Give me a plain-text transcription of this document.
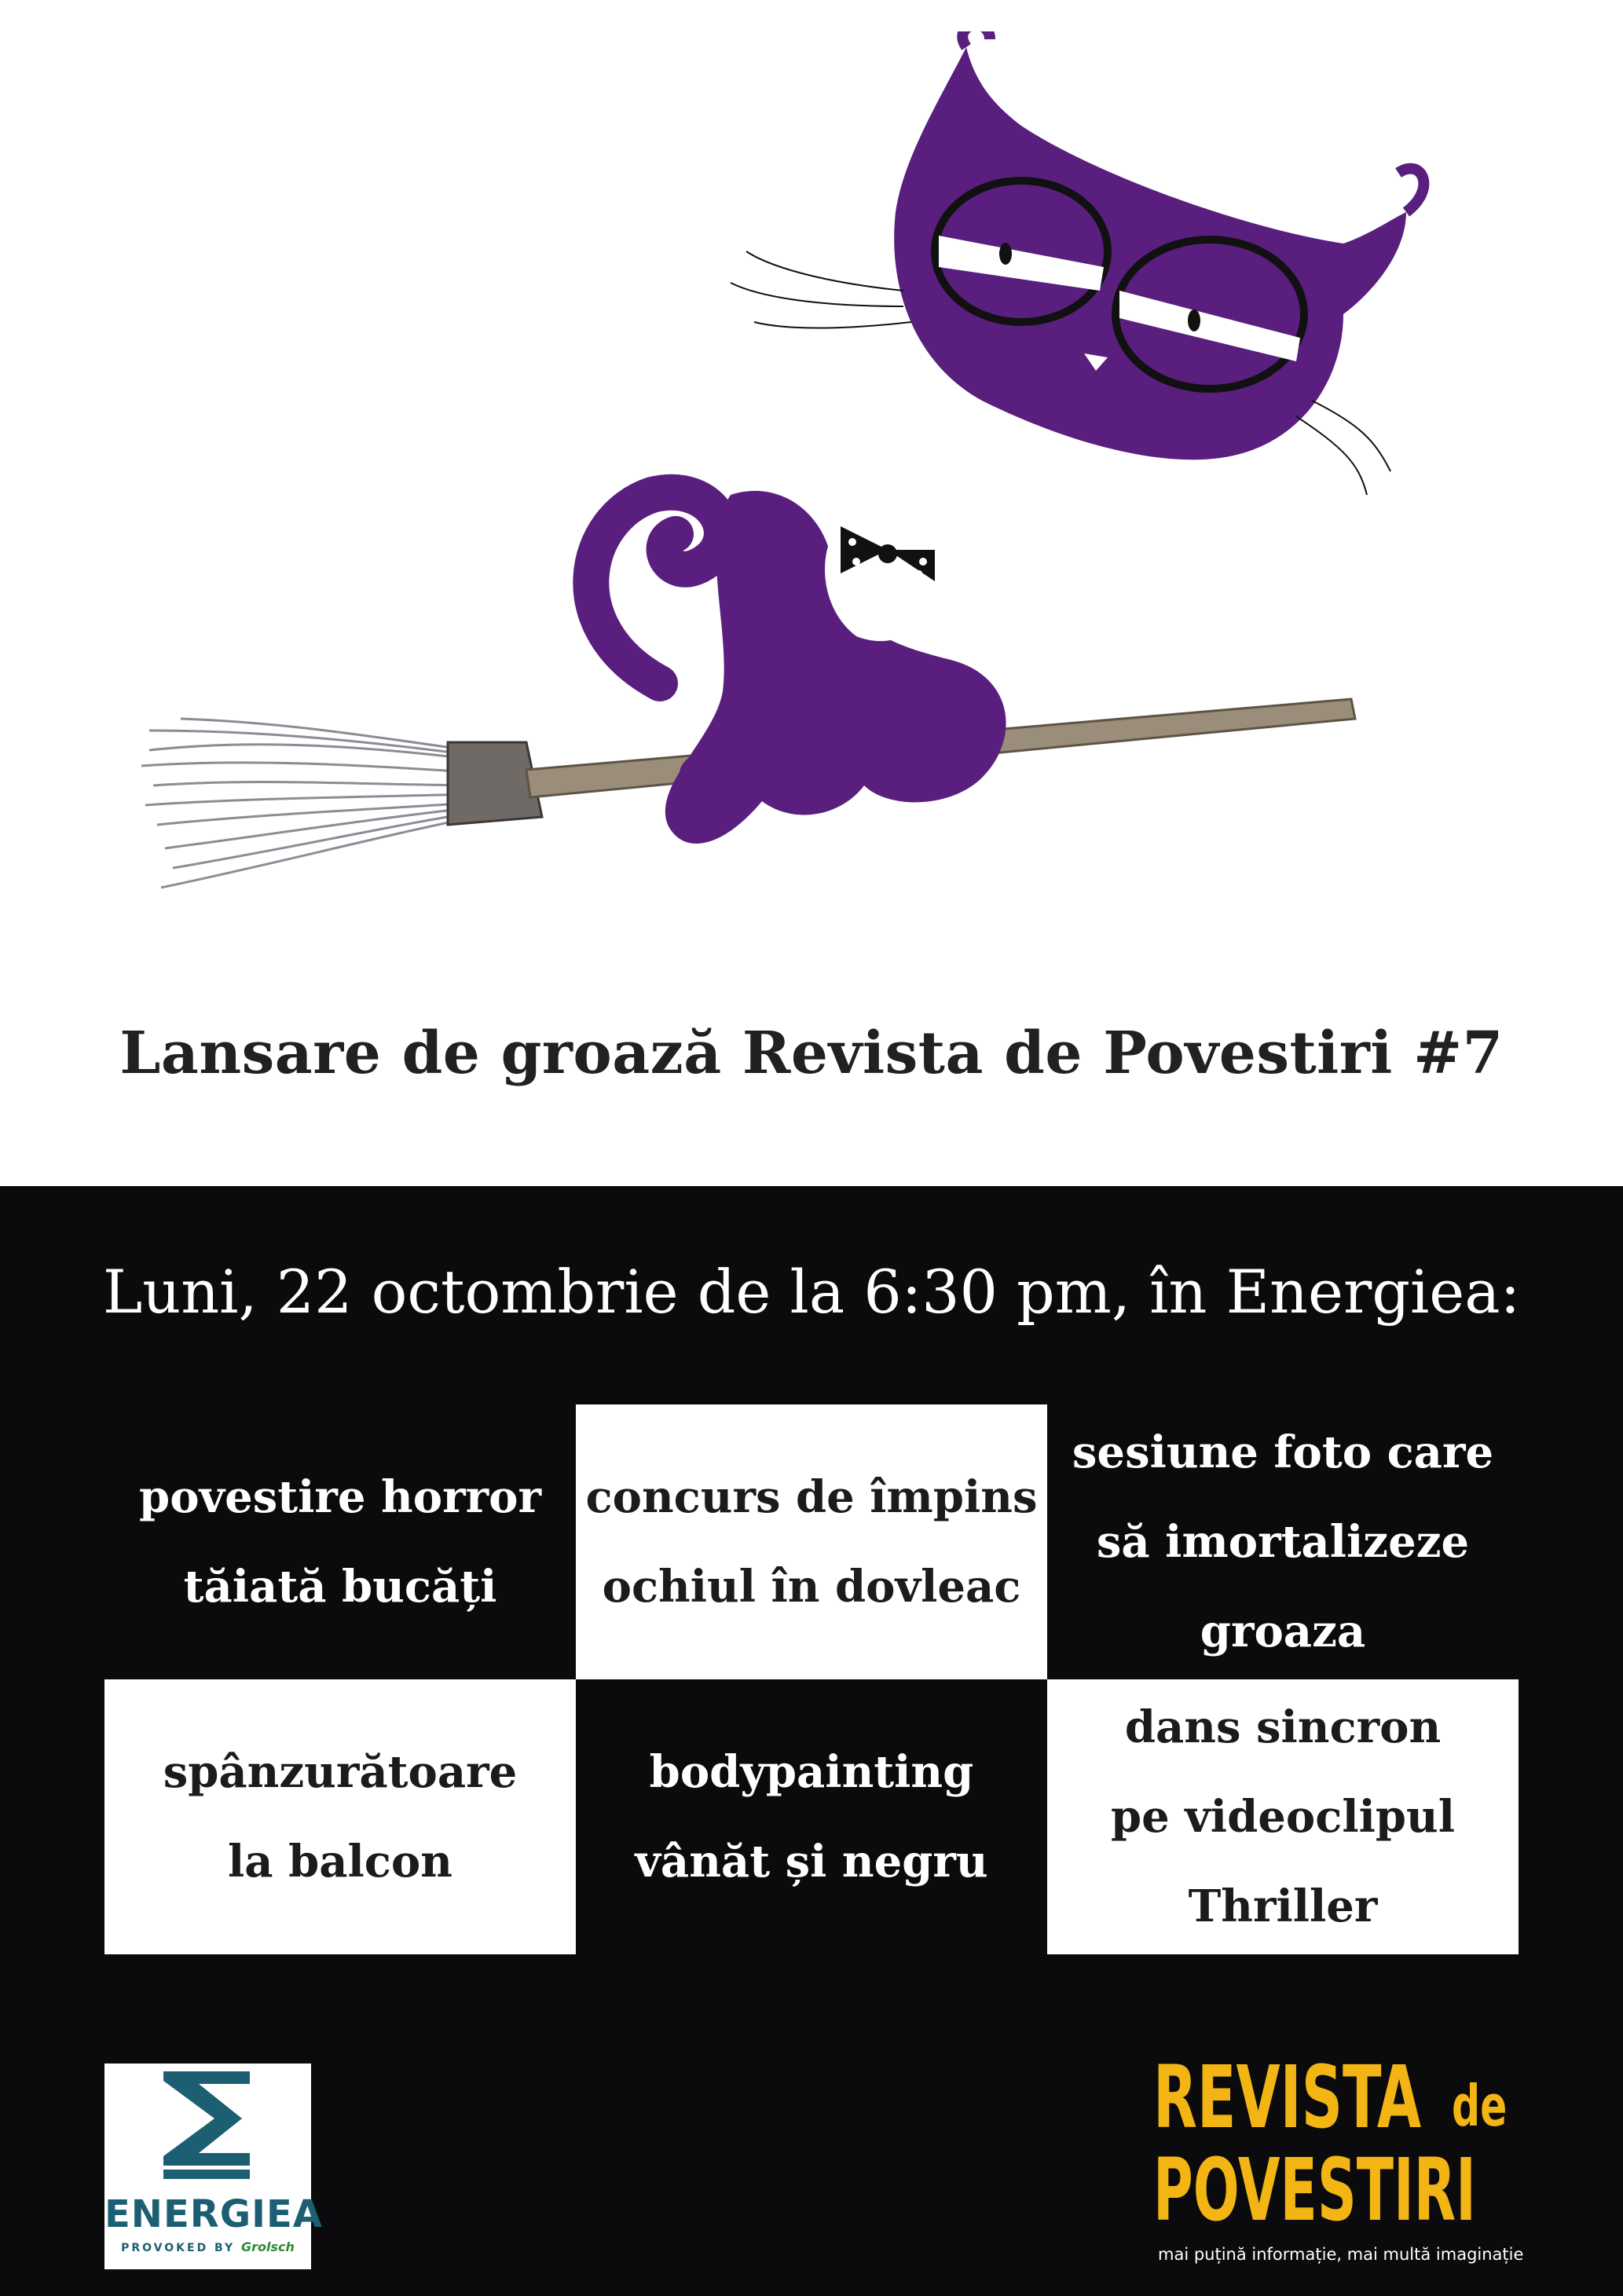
Lansare de groază Revista de Povestiri #7
Luni, 22 octombrie de la 6:30 pm, în Energiea:
povestire horror
tăiată bucăți
concurs de împins
ochiul în dovleac
sesiune foto care
să imortalizeze
groaza
spânzurătoare
la balcon
bodypainting
vânăt și negru
dans sincron
pe videoclipul
Thriller
ENERGIEA
PROVOKED BY Grolsch
REVISTA de
POVESTIRI
mai puțină informație, mai multă imaginație
